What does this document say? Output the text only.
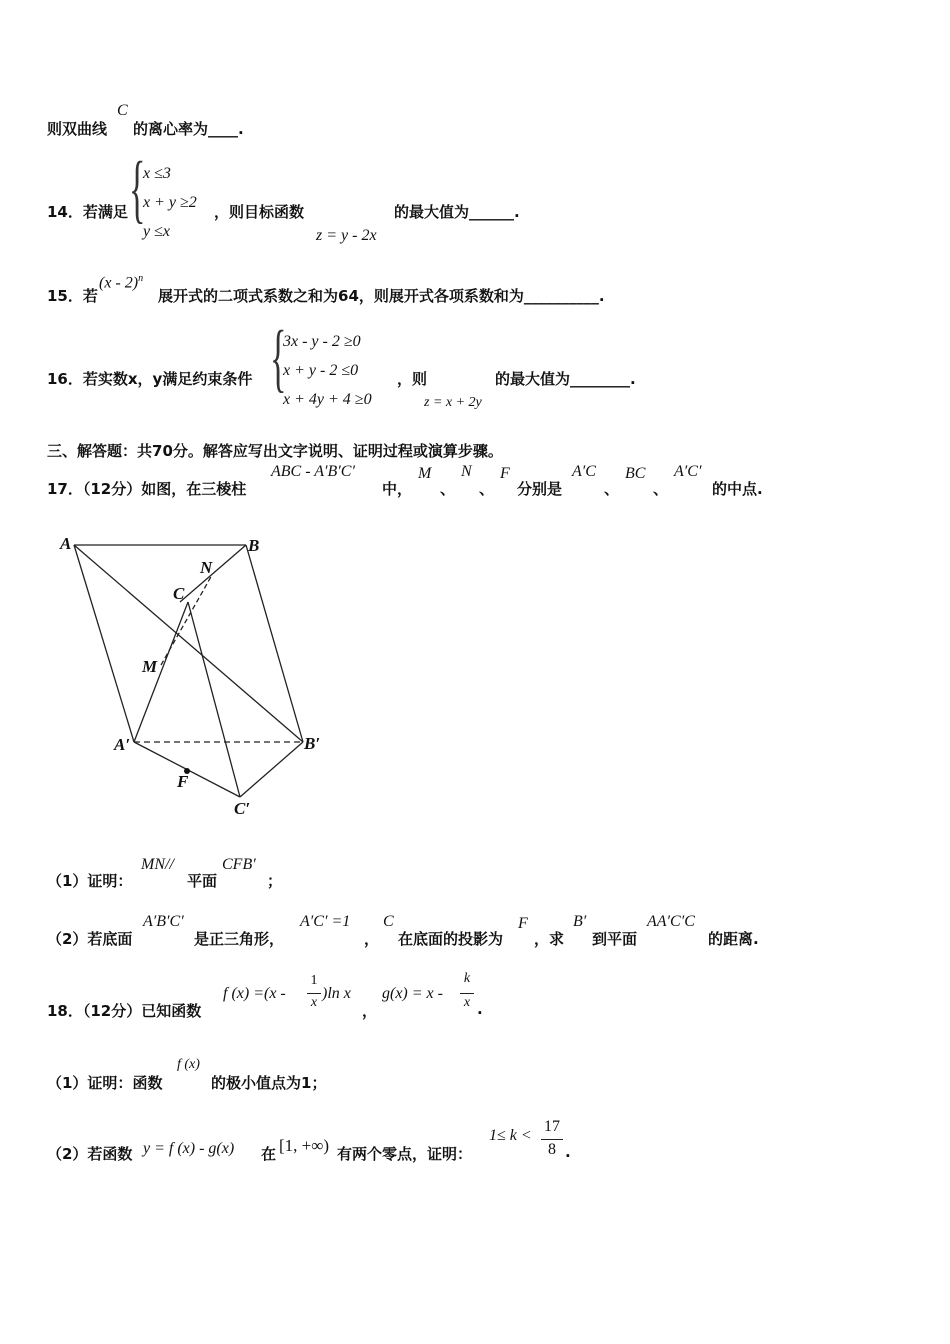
则双曲线
C
的离心率为____.
14．若满足 {
x ≤3
x + y ≥2
y ≤x
，则目标函数
z = y - 2x
的最大值为______.
15．若
(x - 2)$^n$
展开式的二项式系数之和为64，则展开式各项系数和为__________.
16．若实数x，y满足约束条件 {
3x - y - 2 ≥0
x + y - 2 ≤0
x + 4y + 4 ≥0
，则
z = x + 2y
的最大值为________.
三、解答题：共70分。解答应写出文字说明、证明过程或演算步骤。
17．（12分）如图，在三棱柱
ABC - A′B′C′
中，
M
、
N
、
F
分别是
A′C
、
BC
、
A′C′
的中点.
A	B
C
N
M
A′	B′
F
C′
（1）证明：
MN//
平面
CFB′
；
（2）若底面
A′B′C′
是正三角形，
A′C′ =1
，
C
在底面的投影为
F
，求
B′
到平面
AA′C′C
的距离.
18．（12分）已知函数
f (x) =(x -
1
x
)ln x
，
g(x) = x -
k
x .
（1）证明：函数
f (x)
的极小值点为1；
（2）若函数 y = f (x) - g(x) 在 [1, +∞) 有两个零点，证明：
1≤ k <
17
8 .
